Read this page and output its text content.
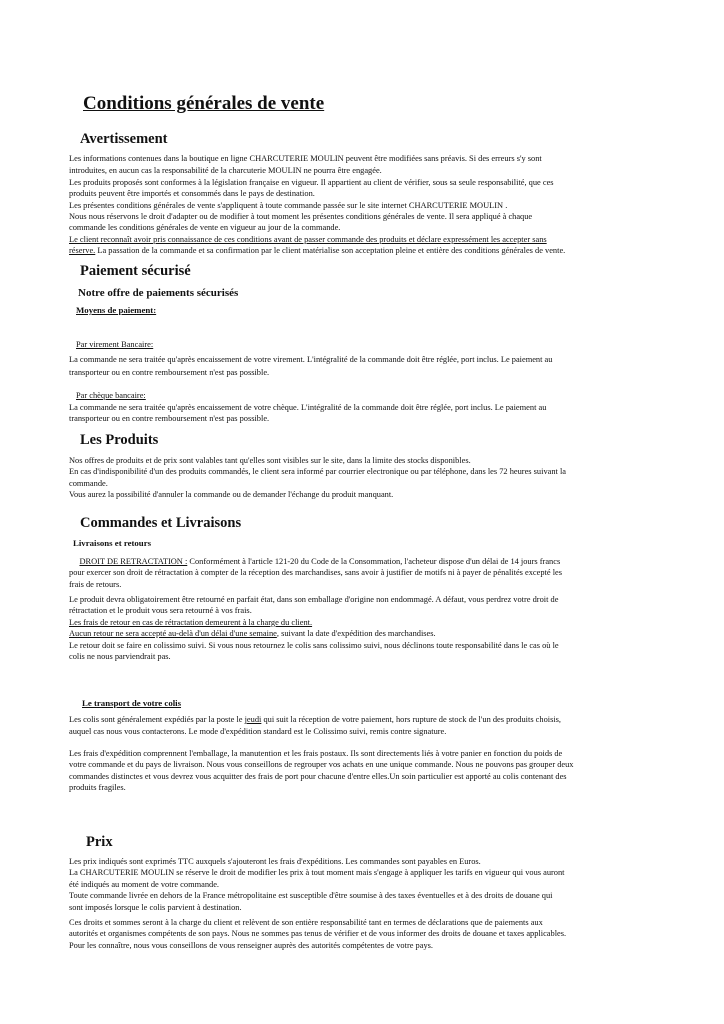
Conditions générales de vente
Avertissement
Les informations contenues dans la boutique en ligne CHARCUTERIE MOULIN peuvent être modifiées sans préavis. Si des erreurs s'y sont
introduites, en aucun cas la responsabilité de la charcuterie MOULIN ne pourra être engagée.
Les produits proposés sont conformes à la législation française en vigueur. Il appartient au client de vérifier, sous sa seule responsabilité, que ces
produits peuvent être importés et consommés dans le pays de destination.
Les présentes conditions générales de vente s'appliquent à toute commande passée sur le site internet CHARCUTERIE MOULIN .
Nous nous réservons le droit d'adapter ou de modifier à tout moment les présentes conditions générales de vente. Il sera appliqué à chaque
commande les conditions générales de vente en vigueur au jour de la commande.
Le client reconnaît avoir pris connaissance de ces conditions avant de passer commande des produits et déclare expressément les accepter sans
réserve. La passation de la commande et sa confirmation par le client matérialise son acceptation pleine et entière des conditions générales de vente.
Paiement sécurisé
Notre offre de paiements sécurisés
Moyens de paiement:
Par virement Bancaire:
La commande ne sera traitée qu'après encaissement de votre virement. L'intégralité de la commande doit être réglée, port inclus. Le paiement au
transporteur ou en contre remboursement n'est pas possible.
Par chèque bancaire:
La commande ne sera traitée qu'après encaissement de votre chèque. L'intégralité de la commande doit être réglée, port inclus. Le paiement au
transporteur ou en contre remboursement n'est pas possible.
Les Produits
Nos offres de produits et de prix sont valables tant qu'elles sont visibles sur le site, dans la limite des stocks disponibles.
En cas d'indisponibilité d'un des produits commandés, le client sera informé par courrier electronique ou par téléphone, dans les 72 heures suivant la
commande.
Vous aurez la possibilité d'annuler la commande ou de demander l'échange du produit manquant.
Commandes et Livraisons
Livraisons et retours
DROIT DE RETRACTATION : Conformément à l'article 121-20 du Code de la Consommation, l'acheteur dispose d'un délai de 14 jours francs
pour exercer son droit de rétractation à compter de la réception des marchandises, sans avoir à justifier de motifs ni à payer de pénalités excepté les
frais de retours.
Le produit devra obligatoirement être retourné en parfait état, dans son emballage d'origine non endommagé. A défaut, vous perdrez votre droit de
rétractation et le produit vous sera retourné à vos frais.
Les frais de retour en cas de rétractation demeurent à la charge du client.
Aucun retour ne sera accepté au-delà d'un délai d'une semaine, suivant la date d'expédition des marchandises.
Le retour doit se faire en colissimo suivi. Si vous nous retournez le colis sans colissimo suivi, nous déclinons toute responsabilité dans le cas où le
colis ne nous parviendrait pas.
Le transport de votre colis
Les colis sont généralement expédiés par la poste le jeudi qui suit la réception de votre paiement, hors rupture de stock de l'un des produits choisis,
auquel cas nous vous contacterons. Le mode d'expédition standard est le Colissimo suivi, remis contre signature.
Les frais d'expédition comprennent l'emballage, la manutention et les frais postaux. Ils sont directements liés à votre panier en fonction du poids de
votre commande et du pays de livraison. Nous vous conseillons de regrouper vos achats en une unique commande. Nous ne pouvons pas grouper deux
commandes distinctes et vous devrez vous acquitter des frais de port pour chacune d'entre elles.Un soin particulier est apporté au colis contenant des
produits fragiles.
Prix
Les prix indiqués sont exprimés TTC auxquels s'ajouteront les frais d'expéditions. Les commandes sont payables en Euros.
La CHARCUTERIE MOULIN se réserve le droit de modifier les prix à tout moment mais s'engage à appliquer les tarifs en vigueur qui vous auront
été indiqués au moment de votre commande.
Toute commande livrée en dehors de la France métropolitaine est susceptible d'être soumise à des taxes éventuelles et à des droits de douane qui
sont imposés lorsque le colis parvient à destination.
Ces droits et sommes seront à la charge du client et relèvent de son entière responsabilité tant en termes de déclarations que de paiements aux
autorités et organismes compétents de son pays. Nous ne sommes pas tenus de vérifier et de vous informer des droits de douane et taxes applicables.
Pour les connaître, nous vous conseillons de vous renseigner auprès des autorités compétentes de votre pays.
